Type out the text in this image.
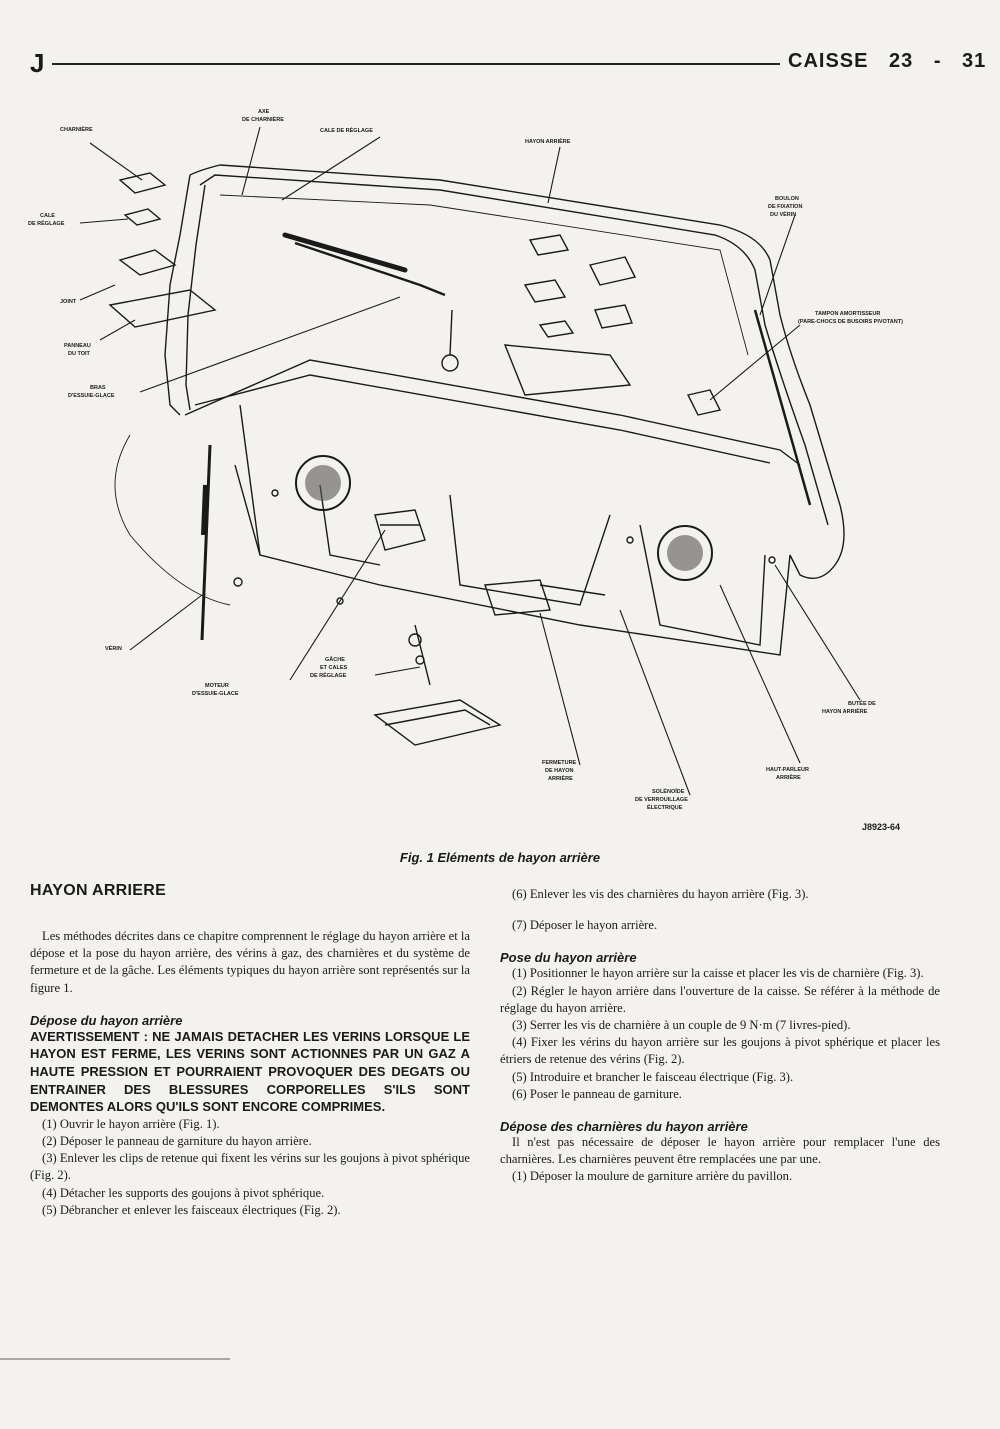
J	CAISSE 23 - 31
CHARNIÈRE
AXE
DE CHARNIÈRE
CALE DE RÉGLAGE
HAYON ARRIÈRE
CALE
DE RÉGLAGE
JOINT
PANNEAU
DU TOIT
BRAS
D'ESSUIE-GLACE
BOULON
DE FIXATION
DU VÉRIN
TAMPON AMORTISSEUR
(PARE-CHOCS DE BUSOIRS PIVOTANT)
VÉRIN
GÂCHE
ET CALES
DE RÉGLAGE
MOTEUR
D'ESSUIE-GLACE
BUTÉE DE
HAYON ARRIÈRE
FERMETURE
DE HAYON
ARRIÈRE
HAUT-PARLEUR
ARRIÈRE
SOLÉNOÏDE
DE VERROUILLAGE
ÉLECTRIQUE
J8923-64
Fig. 1 Eléments de hayon arrière

HAYON ARRIERE

Les méthodes décrites dans ce chapitre comprennent le réglage du hayon arrière et la dépose et la pose du hayon arrière, des vérins à gaz, des charnières et du système de fermeture et de la gâche. Les éléments typiques du hayon arrière sont représentés sur la figure 1.

Dépose du hayon arrière

AVERTISSEMENT : NE JAMAIS DETACHER LES VERINS LORSQUE LE HAYON EST FERME, LES VERINS SONT ACTIONNES PAR UN GAZ A HAUTE PRESSION ET POURRAIENT PROVOQUER DES DEGATS OU ENTRAINER DES BLESSURES CORPORELLES S'ILS SONT DEMONTES ALORS QU'ILS SONT ENCORE COMPRIMES.

(1) Ouvrir le hayon arrière (Fig. 1).

(2) Déposer le panneau de garniture du hayon arrière.

(3) Enlever les clips de retenue qui fixent les vérins sur les goujons à pivot sphérique (Fig. 2).

(4) Détacher les supports des goujons à pivot sphérique.

(5) Débrancher et enlever les faisceaux électriques (Fig. 2).

(6) Enlever les vis des charnières du hayon arrière (Fig. 3).

(7) Déposer le hayon arrière.

Pose du hayon arrière

(1) Positionner le hayon arrière sur la caisse et placer les vis de charnière (Fig. 3).

(2) Régler le hayon arrière dans l'ouverture de la caisse. Se référer à la méthode de réglage du hayon arrière.

(3) Serrer les vis de charnière à un couple de 9 N·m (7 livres-pied).

(4) Fixer les vérins du hayon arrière sur les goujons à pivot sphérique et placer les étriers de retenue des vérins (Fig. 2).

(5) Introduire et brancher le faisceau électrique (Fig. 3).

(6) Poser le panneau de garniture.

Dépose des charnières du hayon arrière

Il n'est pas nécessaire de déposer le hayon arrière pour remplacer l'une des charnières. Les charnières peuvent être remplacées une par une.

(1) Déposer la moulure de garniture arrière du pavillon.
